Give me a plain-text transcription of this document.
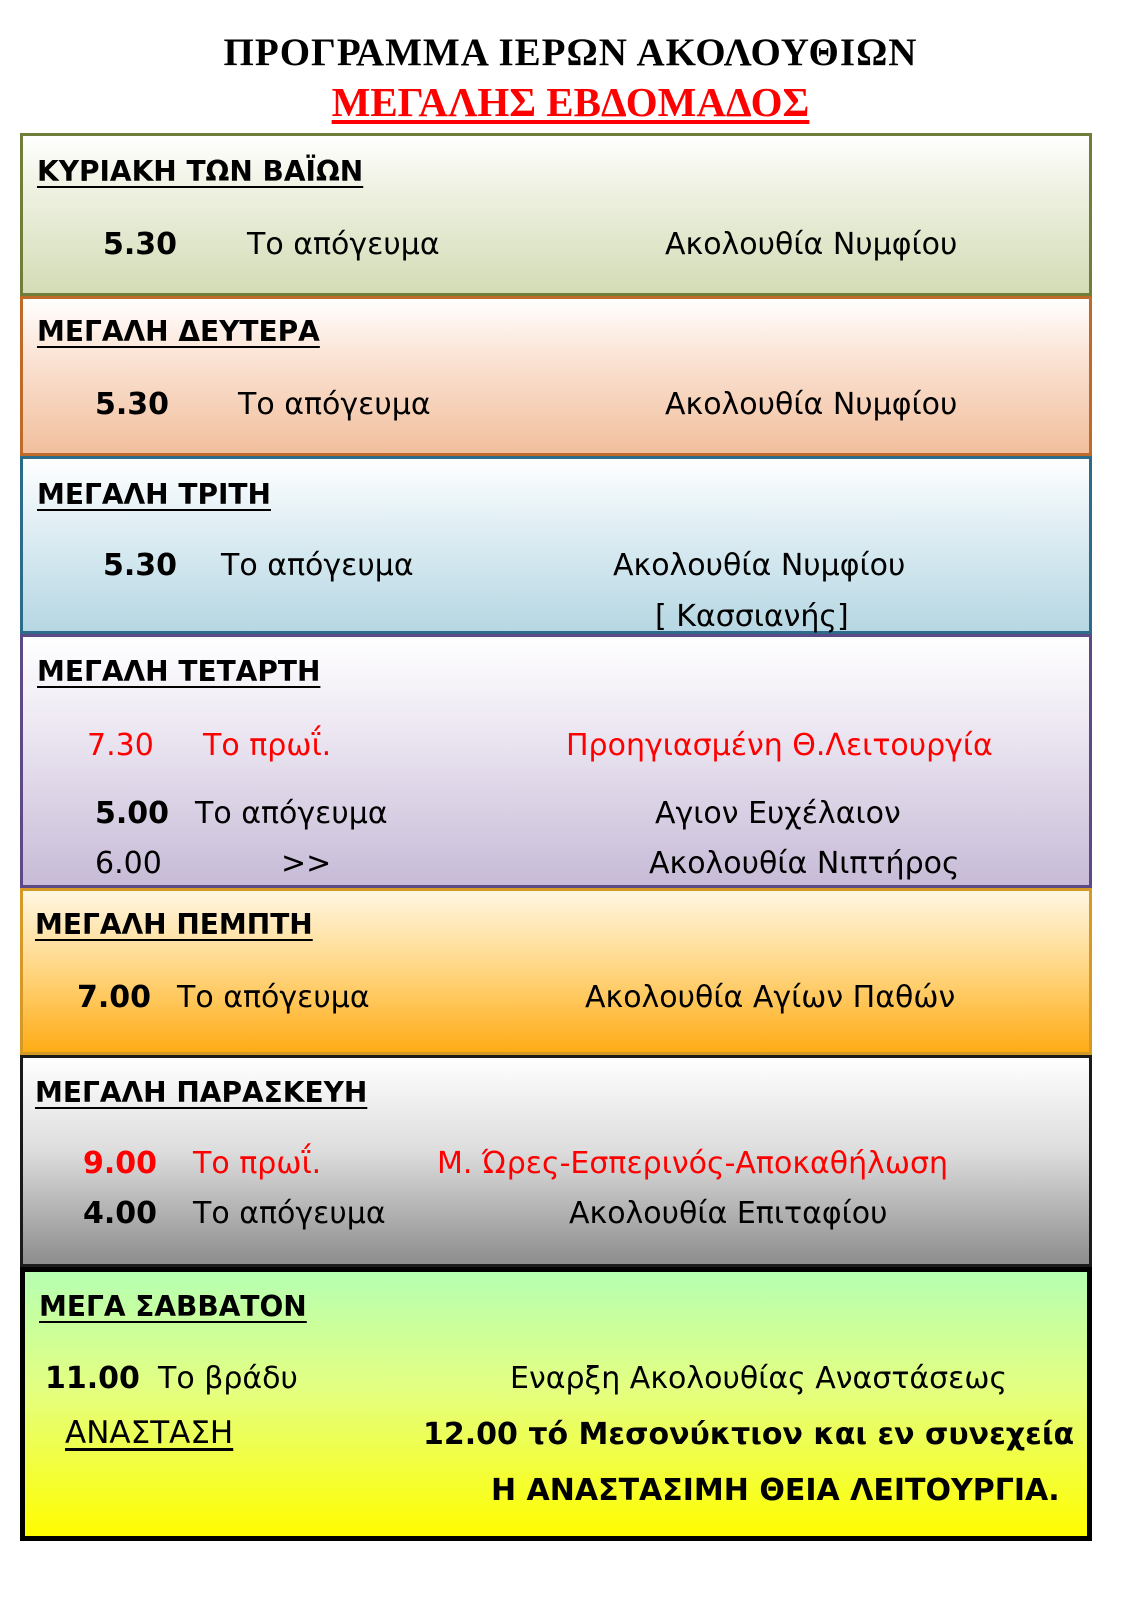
ΠΡΟΓΡΑΜΜΑ ΙΕΡΩΝ ΑΚΟΛΟΥΘΙΩΝ
ΜΕΓΑΛΗΣ ΕΒΔΟΜΑΔΟΣ
ΚΥΡΙΑΚΗ ΤΩΝ ΒΑΪΩΝ
5.30 Το απόγευμα	Ακολουθία Νυμφίου
ΜΕΓΑΛΗ ΔΕΥΤΕΡΑ
5.30 Το απόγευμα	Ακολουθία Νυμφίου
ΜΕΓΑΛΗ ΤΡΙΤΗ
5.30 Το απόγευμα	Ακολουθία Νυμφίου
[ Κασσιανής]
ΜΕΓΑΛΗ ΤΕΤΑΡΤΗ
7.30 Το πρωΐ.	Προηγιασμένη Θ.Λειτουργία
5.00 Το απόγευμα	Αγιον Ευχέλαιον
6.00	>>	Ακολουθία Νιπτήρος
ΜΕΓΑΛΗ ΠΕΜΠΤΗ
7.00 Το απόγευμα	Ακολουθία Αγίων Παθών
ΜΕΓΑΛΗ ΠΑΡΑΣΚΕΥΗ
9.00 Το πρωΐ.	Μ. Ώρες-Εσπερινός-Αποκαθήλωση
4.00 Το απόγευμα	Ακολουθία Επιταφίου
ΜΕΓΑ ΣΑΒΒΑΤΟΝ
11.00 Το βράδυ	Εναρξη Ακολουθίας Αναστάσεως
ΑΝΑΣΤΑΣΗ	12.00 τό Μεσονύκτιον και εν συνεχεία
Η ΑΝΑΣΤΑΣΙΜΗ ΘΕΙΑ ΛΕΙΤΟΥΡΓΙΑ.
